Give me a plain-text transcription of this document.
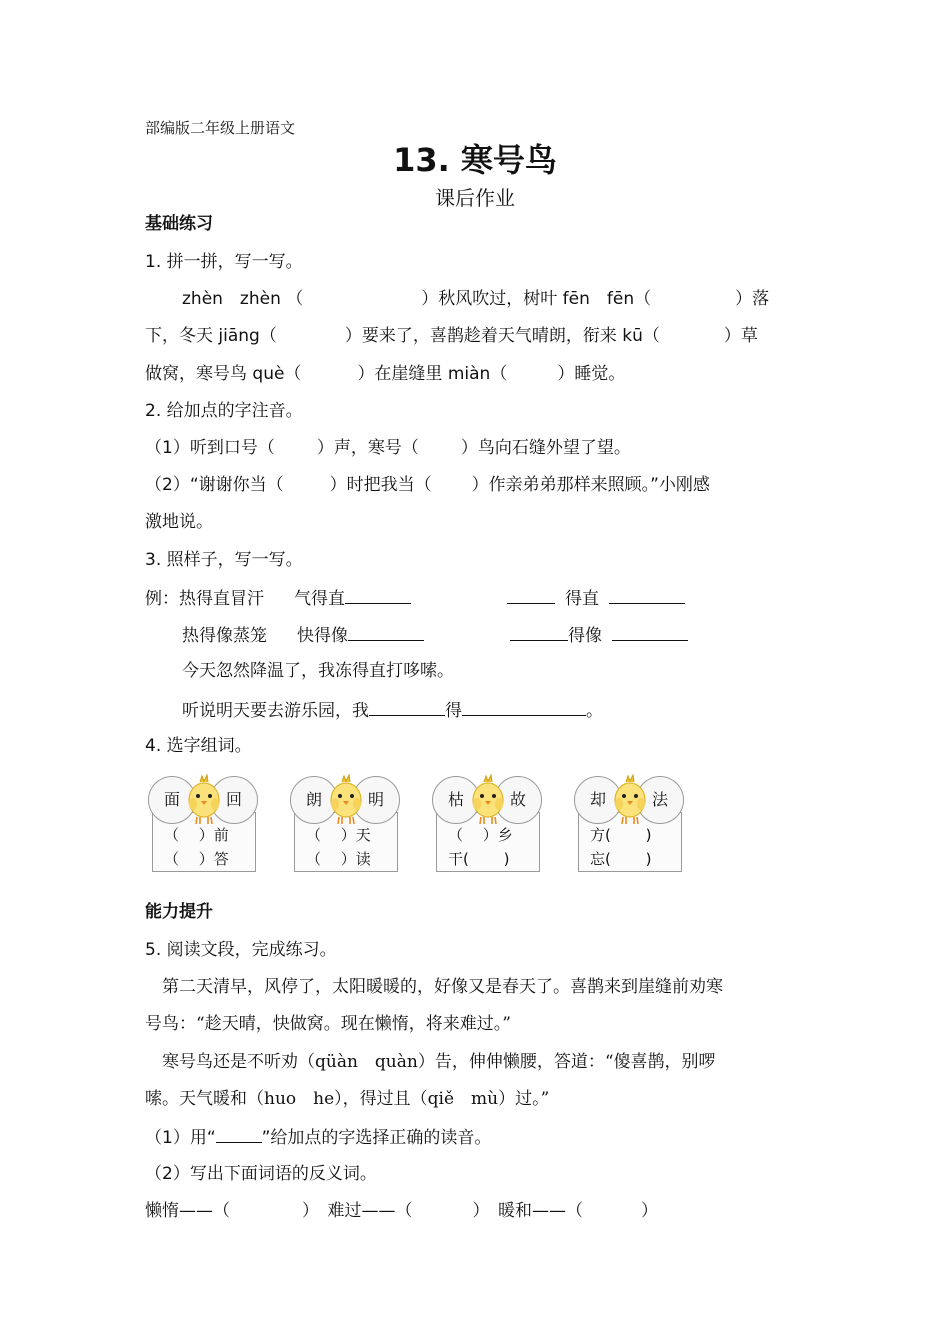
部编版二年级上册语文
13. 寒号鸟
课后作业
基础练习
1. 拼一拼，写一写。
zhèn　zhèn （	）秋风吹过，树叶 fēn　fēn（	）落
下，冬天 jiāng（	）要来了，喜鹊趁着天气晴朗，衔来 kū（	）草
做窝，寒号鸟 què（	）在崖缝里 miàn（	）睡觉。
2. 给加点的字注音。
（1）听到口号（ ）声，寒号（ ）鸟向石缝外望了望。
（2）“谢谢你当（	）时把我当（ ）作亲弟弟那样来照顾。”小刚感
激地说。
3. 照样子，写一写。
例：热得直冒汗 气得直	得直
热得像蒸笼 快得像	得像
今天忽然降温了，我冻得直打哆嗦。
听说明天要去游乐园，我	得	。
4. 选字组词。
面	回
（　 ）前
（　 ）答
朗	明
（　 ）天
（　 ）读
枯	故
（　 ）乡
干(　 　)
却	法
方(　 　)
忘(　 　)
能力提升
5. 阅读文段，完成练习。
　第二天清早，风停了，太阳暖暖的，好像又是春天了。喜鹊来到崖缝前劝寒
号鸟：“趁天晴，快做窝。现在懒惰，将来难过。”
　寒号鸟还是不听劝（qüàn　quàn）告，伸伸懒腰，答道：“傻喜鹊，别啰
嗦。天气暖和（huo　he），得过且（qiě　mù）过。”
（1）用“	”给加点的字选择正确的读音。
（2）写出下面词语的反义词。
懒惰——（	）　难过——（	）　暖和——（	）
